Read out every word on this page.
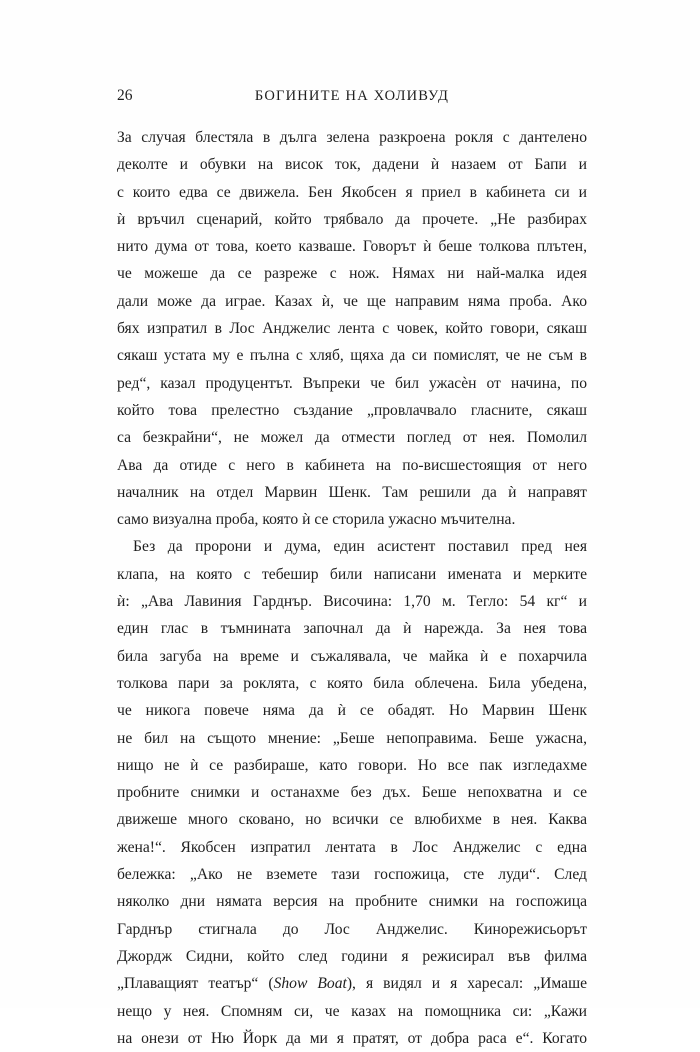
26	БОГИНИТЕ НА ХОЛИВУД
За случая блестяла в дълга зелена разкроена рокля с дантелено
деколте и обувки на висок ток, дадени ѝ назаем от Бапи и
с които едва се движела. Бен Якобсен я приел в кабинета си и
ѝ връчил сценарий, който трябвало да прочете. „Не разбирах
нито дума от това, което казваше. Говорът ѝ беше толкова плътен,
че можеше да се разреже с нож. Нямах ни най-малка идея
дали може да играе. Казах ѝ, че ще направим няма проба. Ако
бях изпратил в Лос Анджелис лента с човек, който говори, сякаш
сякаш устата му е пълна с хляб, щяха да си помислят, че не съм в
ред“, казал продуцентът. Въпреки че бил ужасѐн от начина, по
който това прелестно създание „провлачвало гласните, сякаш
са безкрайни“, не можел да отмести поглед от нея. Помолил
Ава да отиде с него в кабинета на по-висшестоящия от него
началник на отдел Марвин Шенк. Там решили да ѝ направят
само визуална проба, която ѝ се сторила ужасно мъчителна.
Без да пророни и дума, един асистент поставил пред нея
клапа, на която с тебешир били написани имената и мерките
ѝ: „Ава Лавиния Гарднър. Височина: 1,70 м. Тегло: 54 кг“ и
един глас в тъмнината започнал да ѝ нарежда. За нея това
била загуба на време и съжалявала, че майка ѝ е похарчила
толкова пари за роклята, с която била облечена. Била убедена,
че никога повече няма да ѝ се обадят. Но Марвин Шенк
не бил на същото мнение: „Беше непоправима. Беше ужасна,
нищо не ѝ се разбираше, като говори. Но все пак изгледахме
пробните снимки и останахме без дъх. Беше непохватна и се
движеше много сковано, но всички се влюбихме в нея. Каква
жена!“. Якобсен изпратил лентата в Лос Анджелис с една
бележка: „Ако не вземете тази госпожица, сте луди“. След
няколко дни нямата версия на пробните снимки на госпожица
Гарднър стигнала до Лос Анджелис. Кинорежисьорът
Джордж Сидни, който след години я режисирал във филма
„Плаващият театър“ (Show Boat), я видял и я харесал: „Имаше
нещо у нея. Спомням си, че казах на помощника си: „Кажи
на онези от Ню Йорк да ми я пратят, от добра раса е“. Когато
